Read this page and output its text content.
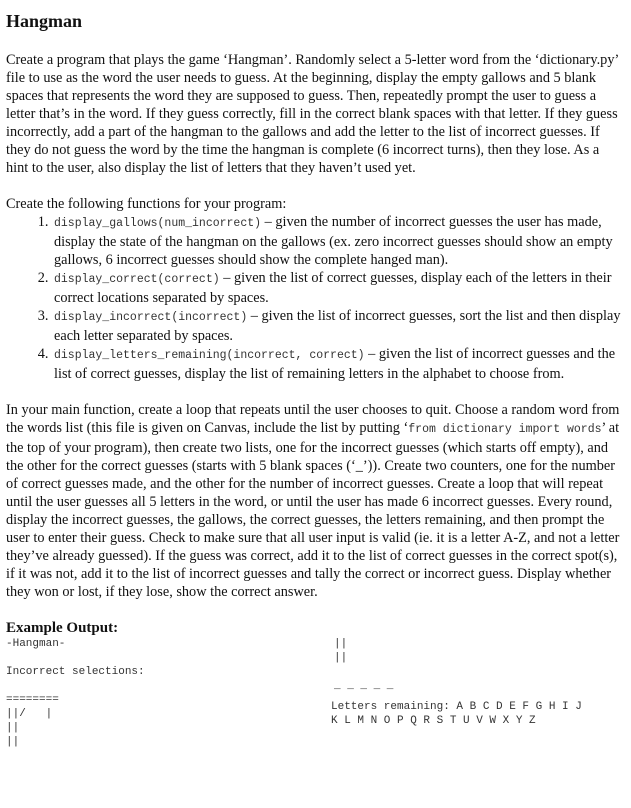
Hangman

Create a program that plays the game ‘Hangman’. Randomly select a 5-letter word from the ‘dictionary.py’ file to use as the word the user needs to guess. At the beginning, display the empty gallows and 5 blank spaces that represents the word they are supposed to guess. Then, repeatedly prompt the user to guess a letter that’s in the word. If they guess correctly, fill in the correct blank spaces with that letter. If they guess incorrectly, add a part of the hangman to the gallows and add the letter to the list of incorrect guesses. If they do not guess the word by the time the hangman is complete (6 incorrect turns), then they lose. As a hint to the user, also display the list of letters that they haven’t used yet.

Create the following functions for your program:

1. display_gallows(num_incorrect) – given the number of incorrect guesses the user has made, display the state of the hangman on the gallows (ex. zero incorrect guesses should show an empty gallows, 6 incorrect guesses should show the complete hanged man).
2. display_correct(correct) – given the list of correct guesses, display each of the letters in their correct locations separated by spaces.
3. display_incorrect(incorrect) – given the list of incorrect guesses, sort the list and then display each letter separated by spaces.
4. display_letters_remaining(incorrect, correct) – given the list of incorrect guesses and the list of correct guesses, display the list of remaining letters in the alphabet to choose from.

In your main function, create a loop that repeats until the user chooses to quit. Choose a random word from the words list (this file is given on Canvas, include the list by putting ‘from dictionary import words’ at the top of your program), then create two lists, one for the incorrect guesses (which starts off empty), and the other for the correct guesses (starts with 5 blank spaces (‘_’)). Create two counters, one for the number of correct guesses made, and the other for the number of incorrect guesses. Create a loop that will repeat until the user guesses all 5 letters in the word, or until the user has made 6 incorrect guesses. Every round, display the incorrect guesses, the gallows, the correct guesses, the letters remaining, and then prompt the user to enter their guess. Check to make sure that all user input is valid (ie. it is a letter A-Z, and not a letter they’ve already guessed). If the guess was correct, add it to the list of correct guesses in the correct spot(s), if it was not, add it to the list of incorrect guesses and tally the correct or incorrect guess. Display whether they won or lost, if they lose, show the correct answer.

Example Output:
-Hangman-

Incorrect selections:

========
||/   |
||
||
||
||
_ _ _ _ _
Letters remaining: A B C D E F G H I J
K L M N O P Q R S T U V W X Y Z
